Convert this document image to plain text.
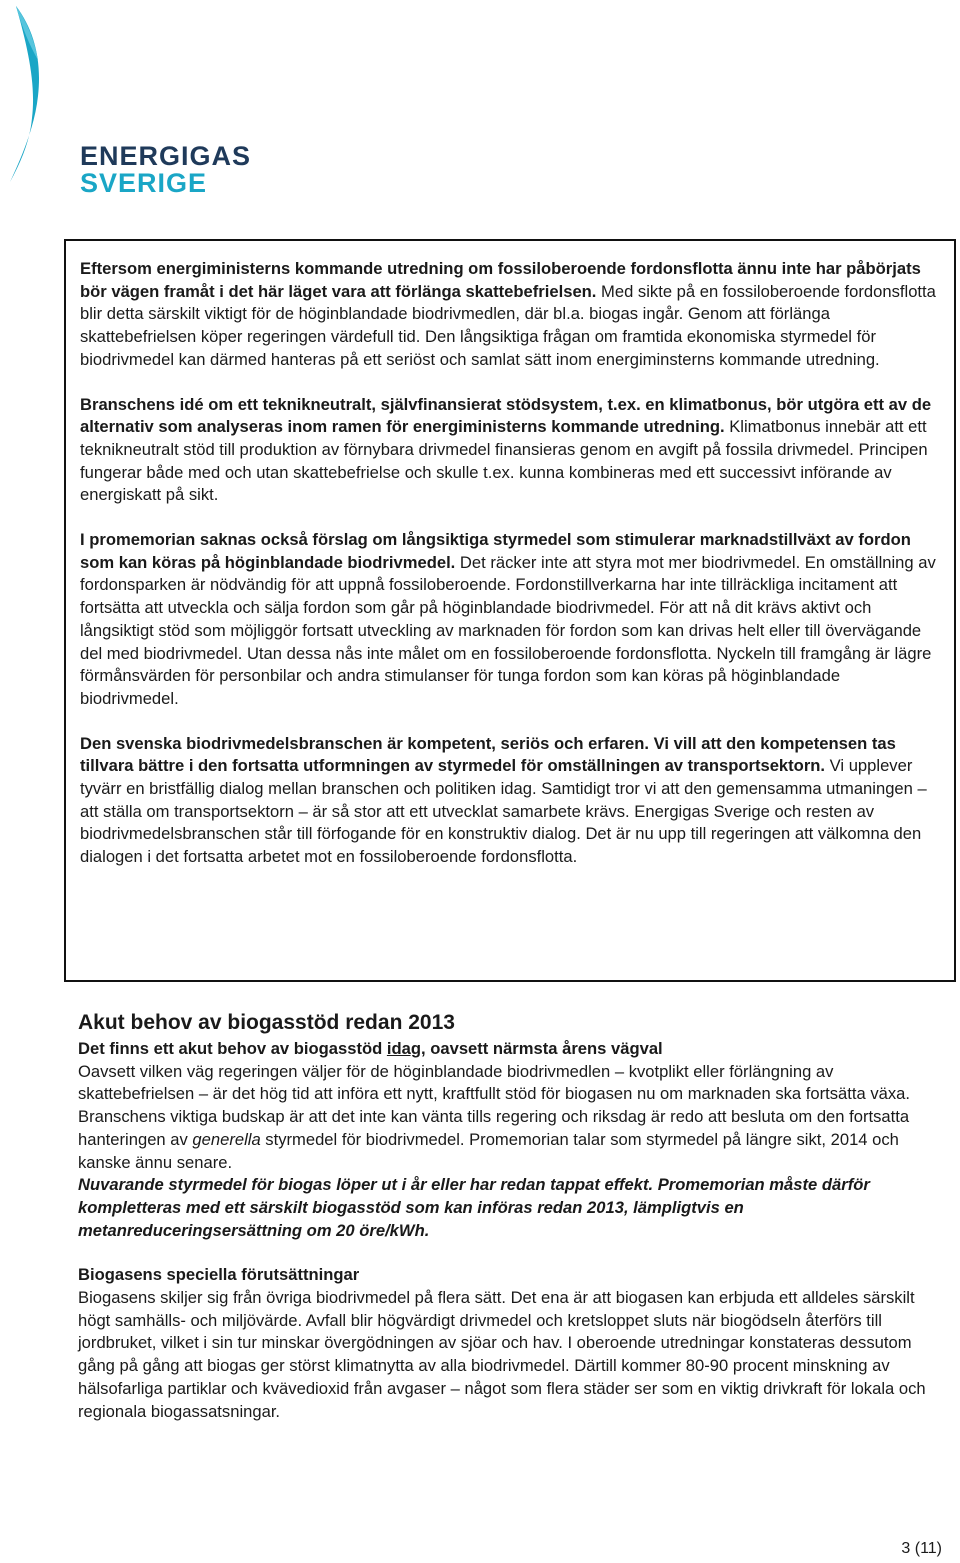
ENERGIGAS
SVERIGE

Eftersom energiministerns kommande utredning om fossiloberoende fordonsflotta ännu inte har påbörjats bör vägen framåt i det här läget vara att förlänga skattebefrielsen. Med sikte på en fossiloberoende fordonsflotta blir detta särskilt viktigt för de höginblandade biodrivmedlen, där bl.a. biogas ingår. Genom att förlänga skattebefrielsen köper regeringen värdefull tid. Den långsiktiga frågan om framtida ekonomiska styrmedel för biodrivmedel kan därmed hanteras på ett seriöst och samlat sätt inom energiminsterns kommande utredning.

Branschens idé om ett teknikneutralt, självfinansierat stödsystem, t.ex. en klimatbonus, bör utgöra ett av de alternativ som analyseras inom ramen för energiministerns kommande utredning. Klimatbonus innebär att ett teknikneutralt stöd till produktion av förnybara drivmedel finansieras genom en avgift på fossila drivmedel. Principen fungerar både med och utan skattebefrielse och skulle t.ex. kunna kombineras med ett successivt införande av energiskatt på sikt.

I promemorian saknas också förslag om långsiktiga styrmedel som stimulerar marknadstillväxt av fordon som kan köras på höginblandade biodrivmedel. Det räcker inte att styra mot mer biodrivmedel. En omställning av fordonsparken är nödvändig för att uppnå fossiloberoende. Fordonstillverkarna har inte tillräckliga incitament att fortsätta att utveckla och sälja fordon som går på höginblandade biodrivmedel. För att nå dit krävs aktivt och långsiktigt stöd som möjliggör fortsatt utveckling av marknaden för fordon som kan drivas helt eller till övervägande del med biodrivmedel. Utan dessa nås inte målet om en fossiloberoende fordonsflotta. Nyckeln till framgång är lägre förmånsvärden för personbilar och andra stimulanser för tunga fordon som kan köras på höginblandade biodrivmedel.

Den svenska biodrivmedelsbranschen är kompetent, seriös och erfaren. Vi vill att den kompetensen tas tillvara bättre i den fortsatta utformningen av styrmedel för omställningen av transportsektorn. Vi upplever tyvärr en bristfällig dialog mellan branschen och politiken idag. Samtidigt tror vi att den gemensamma utmaningen – att ställa om transportsektorn – är så stor att ett utvecklat samarbete krävs. Energigas Sverige och resten av biodrivmedelsbranschen står till förfogande för en konstruktiv dialog. Det är nu upp till regeringen att välkomna den dialogen i det fortsatta arbetet mot en fossiloberoende fordonsflotta.

Akut behov av biogasstöd redan 2013

Det finns ett akut behov av biogasstöd idag, oavsett närmsta årens vägval

Oavsett vilken väg regeringen väljer för de höginblandade biodrivmedlen – kvotplikt eller förlängning av skattebefrielsen – är det hög tid att införa ett nytt, kraftfullt stöd för biogasen nu om marknaden ska fortsätta växa. Branschens viktiga budskap är att det inte kan vänta tills regering och riksdag är redo att besluta om den fortsatta hanteringen av generella styrmedel för biodrivmedel. Promemorian talar som styrmedel på längre sikt, 2014 och kanske ännu senare.
Nuvarande styrmedel för biogas löper ut i år eller har redan tappat effekt. Promemorian måste därför kompletteras med ett särskilt biogasstöd som kan införas redan 2013, lämpligtvis en metanreduceringsersättning om 20 öre/kWh.

Biogasens speciella förutsättningar

Biogasens skiljer sig från övriga biodrivmedel på flera sätt. Det ena är att biogasen kan erbjuda ett alldeles särskilt högt samhälls- och miljövärde. Avfall blir högvärdigt drivmedel och kretsloppet sluts när biogödseln återförs till jordbruket, vilket i sin tur minskar övergödningen av sjöar och hav. I oberoende utredningar konstateras dessutom gång på gång att biogas ger störst klimatnytta av alla biodrivmedel. Därtill kommer 80-90 procent minskning av hälsofarliga partiklar och kvävedioxid från avgaser – något som flera städer ser som en viktig drivkraft för lokala och regionala biogassatsningar.

3 (11)
